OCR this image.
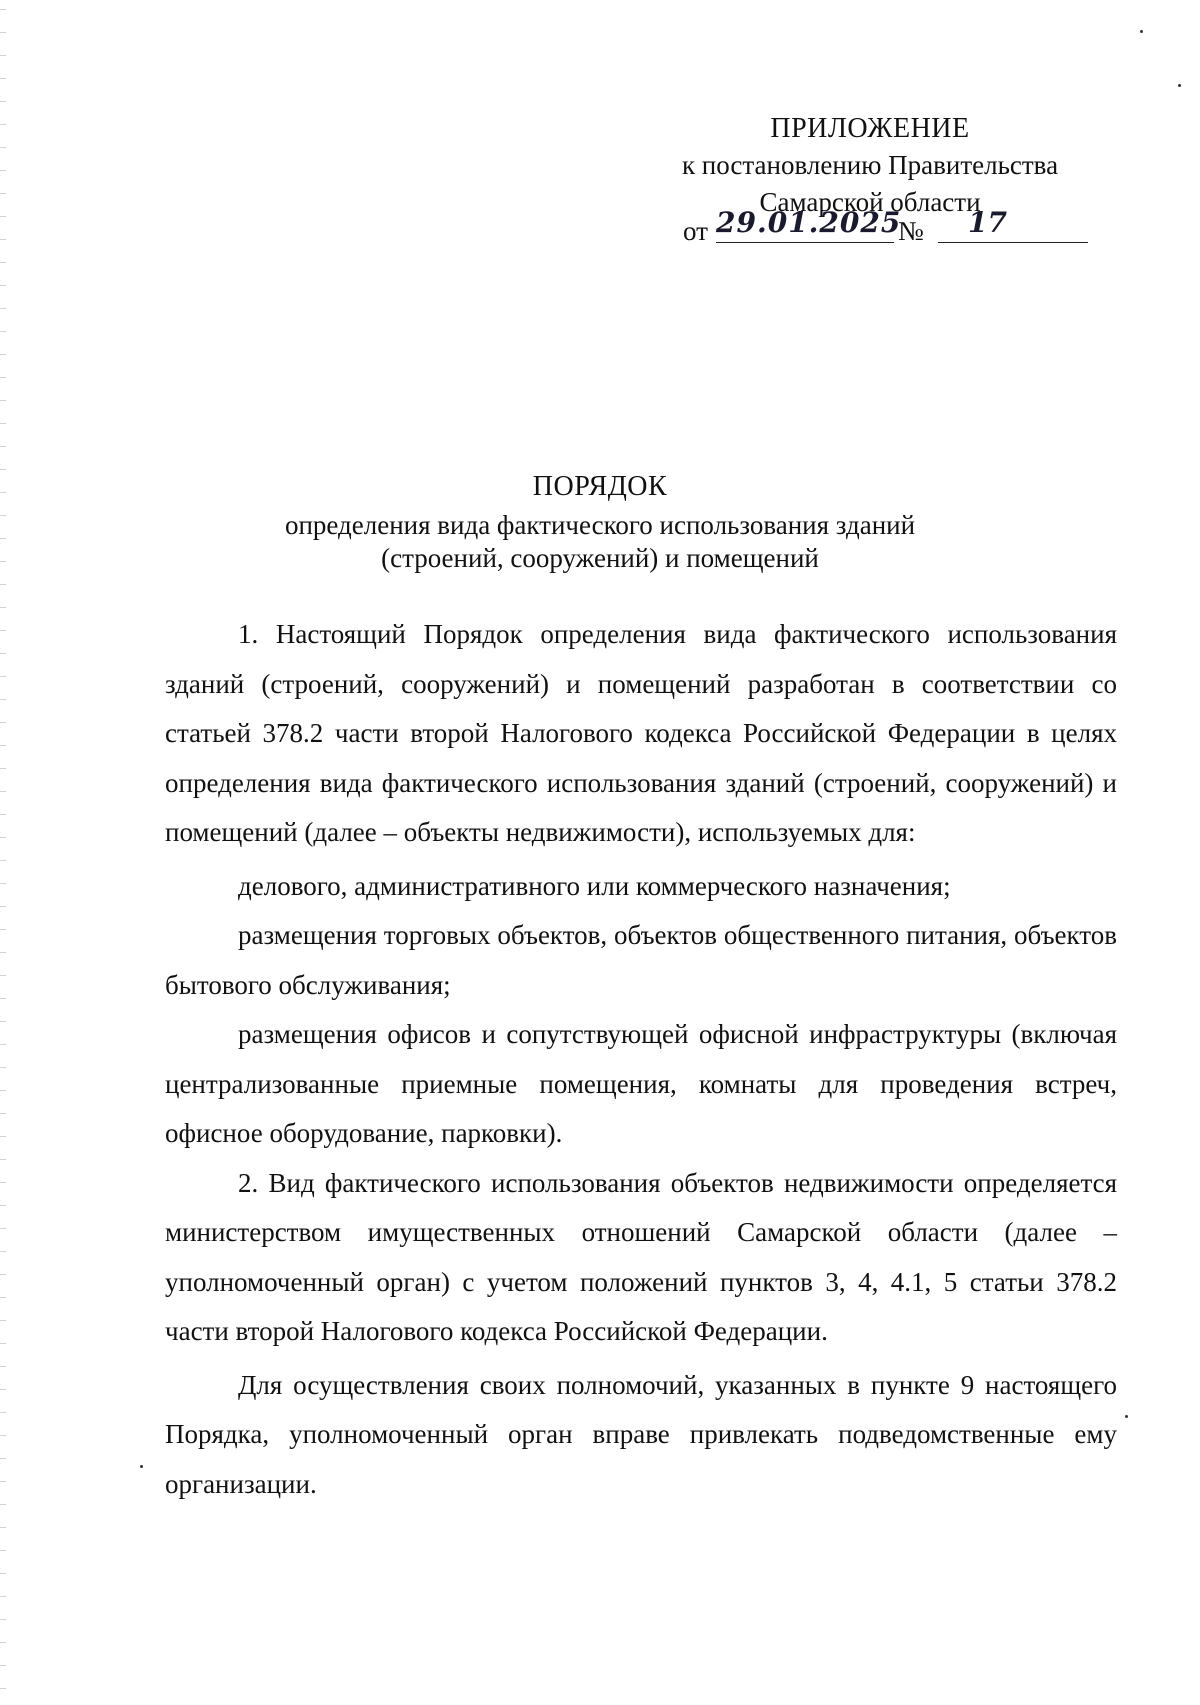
ПРИЛОЖЕНИЕ
к постановлению Правительства
Самарской области
от 29.01.2025
№	17
ПОРЯДОК
определения вида фактического использования зданий
(строений, сооружений) и помещений

1. Настоящий Порядок определения вида фактического использования зданий (строений, сооружений) и помещений разработан в соответствии со статьей 378.2 части второй Налогового кодекса Российской Федерации в целях определения вида фактического использования зданий (строений, сооружений) и помещений (далее – объекты недвижимости), используемых для:

делового, административного или коммерческого назначения;

размещения торговых объектов, объектов общественного питания, объектов бытового обслуживания;

размещения офисов и сопутствующей офисной инфраструктуры (включая централизованные приемные помещения, комнаты для проведения встреч, офисное оборудование, парковки).

2. Вид фактического использования объектов недвижимости определяется министерством имущественных отношений Самарской области (далее – уполномоченный орган) с учетом положений пунктов 3, 4, 4.1, 5 статьи 378.2 части второй Налогового кодекса Российской Федерации.

Для осуществления своих полномочий, указанных в пункте 9 настоящего Порядка, уполномоченный орган вправе привлекать подведомственные ему организации.
